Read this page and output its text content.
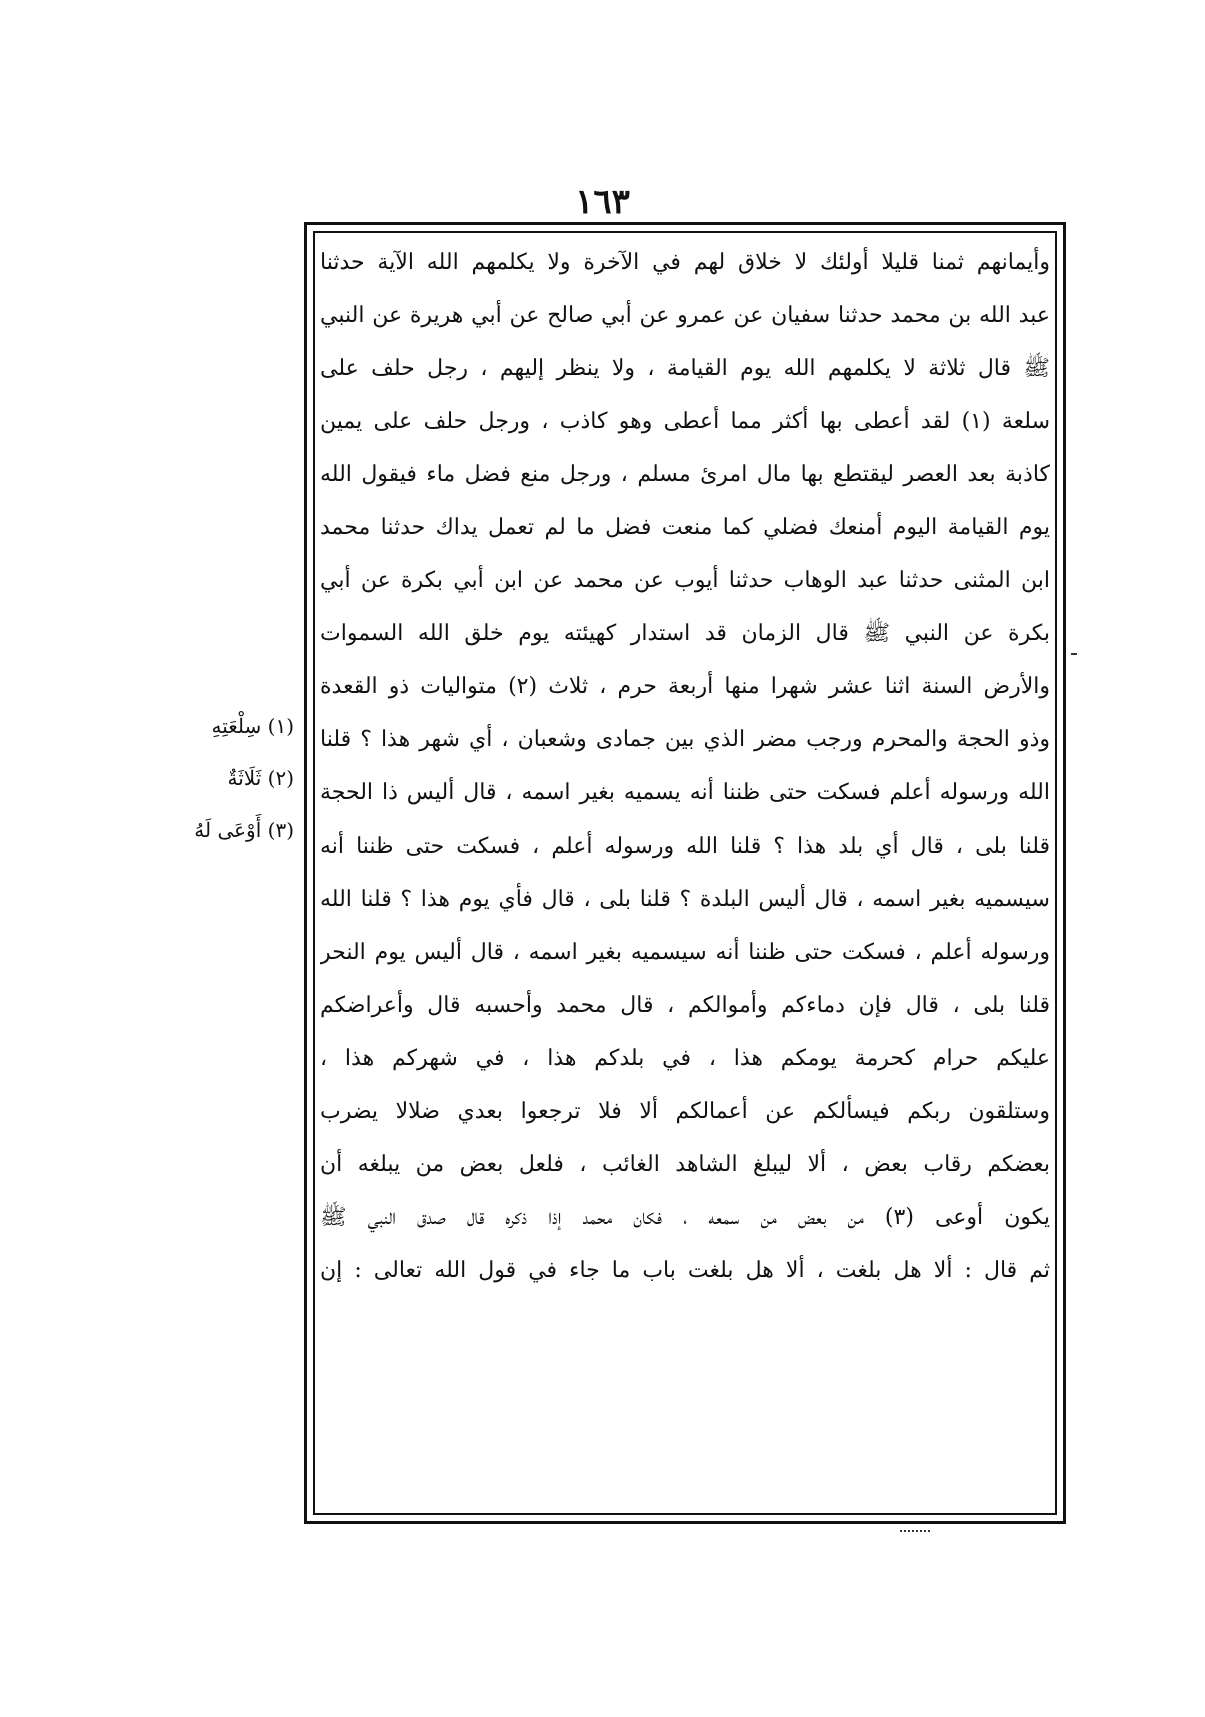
١٦٣
وأيمانهم ثمنا قليلا أولئك لا خلاق لهم في الآخرة ولا يكلمهم الله الآية حدثنا
عبد الله بن محمد حدثنا سفيان عن عمرو عن أبي صالح عن أبي هريرة عن النبي
ﷺ قال ثلاثة لا يكلمهم الله يوم القيامة ، ولا ينظر إليهم ، رجل حلف على
سلعة (١) لقد أعطى بها أكثر مما أعطى وهو كاذب ، ورجل حلف على يمين
كاذبة بعد العصر ليقتطع بها مال امرئ مسلم ، ورجل منع فضل ماء فيقول الله
يوم القيامة اليوم أمنعك فضلي كما منعت فضل ما لم تعمل يداك حدثنا محمد
ابن المثنى حدثنا عبد الوهاب حدثنا أيوب عن محمد عن ابن أبي بكرة عن أبي
بكرة عن النبي ﷺ قال الزمان قد استدار كهيئته يوم خلق الله السموات
والأرض السنة اثنا عشر شهرا منها أربعة حرم ، ثلاث (٢) متواليات ذو القعدة
وذو الحجة والمحرم ورجب مضر الذي بين جمادى وشعبان ، أي شهر هذا ؟ قلنا
الله ورسوله أعلم فسكت حتى ظننا أنه يسميه بغير اسمه ، قال أليس ذا الحجة
قلنا بلى ، قال أي بلد هذا ؟ قلنا الله ورسوله أعلم ، فسكت حتى ظننا أنه
سيسميه بغير اسمه ، قال أليس البلدة ؟ قلنا بلى ، قال فأي يوم هذا ؟ قلنا الله
ورسوله أعلم ، فسكت حتى ظننا أنه سيسميه بغير اسمه ، قال أليس يوم النحر
قلنا بلى ، قال فإن دماءكم وأموالكم ، قال محمد وأحسبه قال وأعراضكم
عليكم حرام كحرمة يومكم هذا ، في بلدكم هذا ، في شهركم هذا ،
وستلقون ربكم فيسألكم عن أعمالكم ألا فلا ترجعوا بعدي ضلالا يضرب
بعضكم رقاب بعض ، ألا ليبلغ الشاهد الغائب ، فلعل بعض من يبلغه أن
يكون أوعى (٣) من بعض من سمعه ، فكان محمد إذا ذكره قال صدق النبي ﷺ
ثم قال : ألا هل بلغت ، ألا هل بلغت باب ما جاء في قول الله تعالى : إن
(١) سِلْعَتِهِ
(٢) ثَلَاثَةٌ
(٣) أَوْعَى لَهُ
